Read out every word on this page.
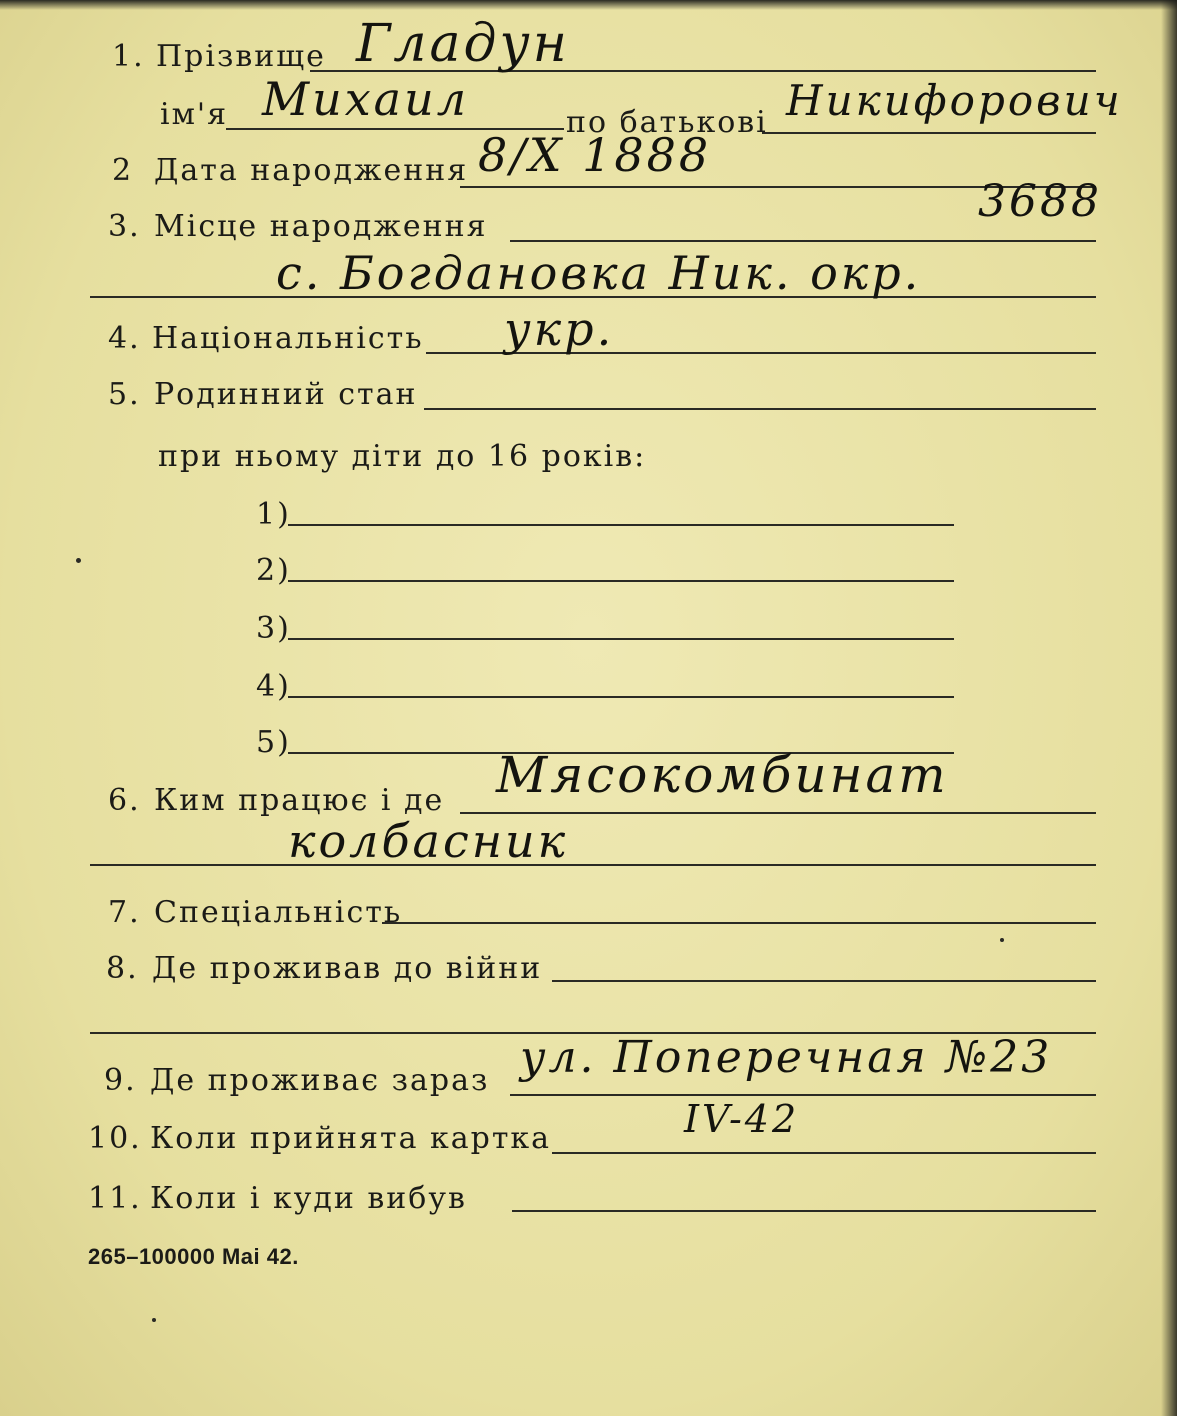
1. Прізвище Гладун
ім'я Михаил	по батькові Никифорович
2 Дата народження 8/X 1888
3. Місце народження	3688
с. Богдановка Ник. окр.
4. Національність укр.
5. Родинний стан
при ньому діти до 16 років:
1)
2)
3)
4)
5)
6. Ким працює і де Мясокомбинат
колбасник
7. Спеціальність
8. Де проживав до війни
9. Де проживає зараз ул. Поперечная №23
10. Коли прийнята картка	IV-42
11. Коли і куди вибув
265–100000 Mai 42.
